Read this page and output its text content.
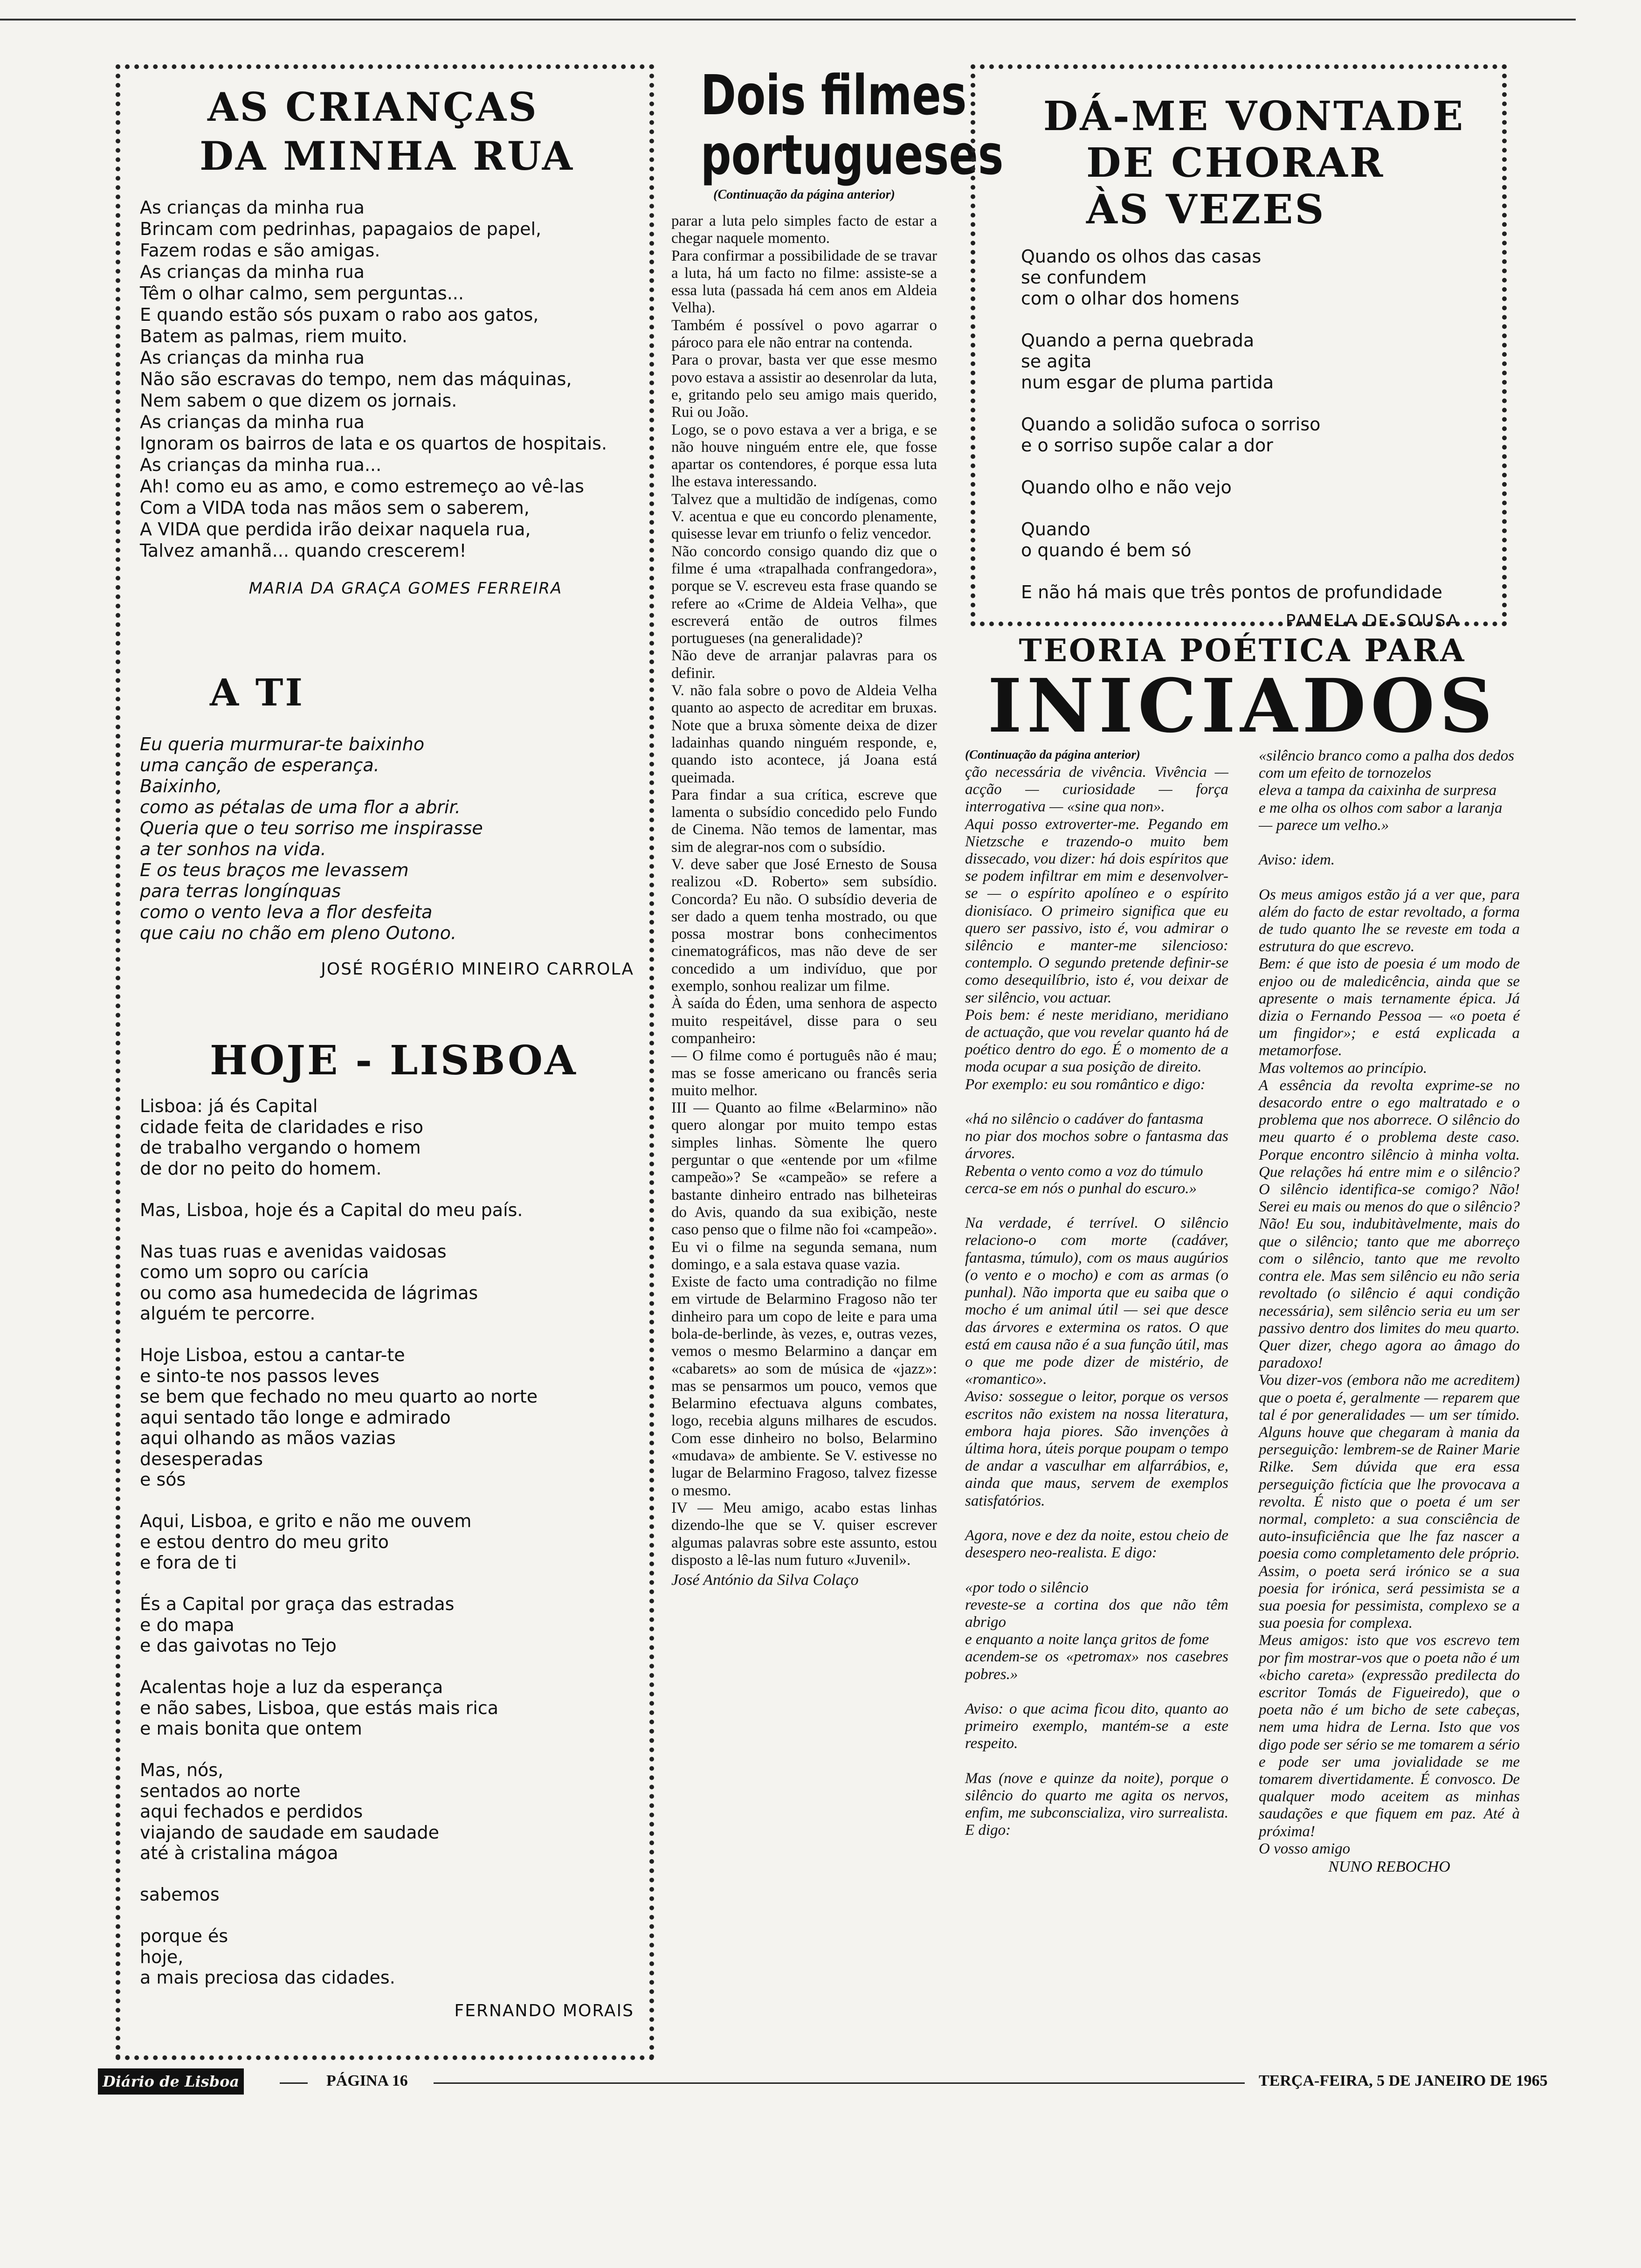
AS CRIANÇAS
DA MINHA RUA

As crianças da minha rua
Brincam com pedrinhas, papagaios de papel,
Fazem rodas e são amigas.
As crianças da minha rua
Têm o olhar calmo, sem perguntas...
E quando estão sós puxam o rabo aos gatos,
Batem as palmas, riem muito.
As crianças da minha rua
Não são escravas do tempo, nem das máquinas,
Nem sabem o que dizem os jornais.
As crianças da minha rua
Ignoram os bairros de lata e os quartos de hospitais.
As crianças da minha rua...
Ah! como eu as amo, e como estremeço ao vê-las
Com a VIDA toda nas mãos sem o saberem,
A VIDA que perdida irão deixar naquela rua,
Talvez amanhã... quando crescerem!

MARIA DA GRAÇA GOMES FERREIRA

A TI

Eu queria murmurar-te baixinho
uma canção de esperança.
Baixinho,
como as pétalas de uma flor a abrir.
Queria que o teu sorriso me inspirasse
a ter sonhos na vida.
E os teus braços me levassem
para terras longínquas
como o vento leva a flor desfeita
que caiu no chão em pleno Outono.

JOSÉ ROGÉRIO MINEIRO CARROLA

HOJE - LISBOA

Lisboa: já és Capital
cidade feita de claridades e riso
de trabalho vergando o homem
de dor no peito do homem.

Mas, Lisboa, hoje és a Capital do meu país.

Nas tuas ruas e avenidas vaidosas
como um sopro ou carícia
ou como asa humedecida de lágrimas
alguém te percorre.

Hoje Lisboa, estou a cantar-te
e sinto-te nos passos leves
se bem que fechado no meu quarto ao norte
aqui sentado tão longe e admirado
aqui olhando as mãos vazias
desesperadas
e sós

Aqui, Lisboa, e grito e não me ouvem
e estou dentro do meu grito
e fora de ti

És a Capital por graça das estradas
e do mapa
e das gaivotas no Tejo

Acalentas hoje a luz da esperança
e não sabes, Lisboa, que estás mais rica
e mais bonita que ontem

Mas, nós,
sentados ao norte
aqui fechados e perdidos
viajando de saudade em saudade
até à cristalina mágoa

sabemos

porque és
hoje,
a mais preciosa das cidades.

FERNANDO MORAIS

Dois filmes
portugueses

(Continuação da página anterior)

parar a luta pelo simples facto de estar a chegar naquele momento.
Para confirmar a possibilidade de se travar a luta, há um facto no filme: assiste-se a essa luta (passada há cem anos em Aldeia Velha).
Também é possível o povo agarrar o pároco para ele não entrar na contenda.
Para o provar, basta ver que esse mesmo povo estava a assistir ao desenrolar da luta, e, gritando pelo seu amigo mais querido, Rui ou João.
Logo, se o povo estava a ver a briga, e se não houve ninguém entre ele, que fosse apartar os contendores, é porque essa luta lhe estava interessando.
Talvez que a multidão de indígenas, como V. acentua e que eu concordo plenamente, quisesse levar em triunfo o feliz vencedor.
Não concordo consigo quando diz que o filme é uma «trapalhada confrangedora», porque se V. escreveu esta frase quando se refere ao «Crime de Aldeia Velha», que escreverá então de outros filmes portugueses (na generalidade)?
Não deve de arranjar palavras para os definir.
V. não fala sobre o povo de Aldeia Velha quanto ao aspecto de acreditar em bruxas. Note que a bruxa sòmente deixa de dizer ladainhas quando ninguém responde, e, quando isto acontece, já Joana está queimada.
Para findar a sua crítica, escreve que lamenta o subsídio concedido pelo Fundo de Cinema. Não temos de lamentar, mas sim de alegrar-nos com o subsídio.
V. deve saber que José Ernesto de Sousa realizou «D. Roberto» sem subsídio. Concorda? Eu não. O subsídio deveria de ser dado a quem tenha mostrado, ou que possa mostrar bons conhecimentos cinematográficos, mas não deve de ser concedido a um indivíduo, que por exemplo, sonhou realizar um filme.
À saída do Éden, uma senhora de aspecto muito respeitável, disse para o seu companheiro:
— O filme como é português não é mau; mas se fosse americano ou francês seria muito melhor.
III — Quanto ao filme «Belarmino» não quero alongar por muito tempo estas simples linhas. Sòmente lhe quero perguntar o que «entende por um «filme campeão»? Se «campeão» se refere a bastante dinheiro entrado nas bilheteiras do Avis, quando da sua exibição, neste caso penso que o filme não foi «campeão». Eu vi o filme na segunda semana, num domingo, e a sala estava quase vazia.
Existe de facto uma contradição no filme em virtude de Belarmino Fragoso não ter dinheiro para um copo de leite e para uma bola-de-berlinde, às vezes, e, outras vezes, vemos o mesmo Belarmino a dançar em «cabarets» ao som de música de «jazz»: mas se pensarmos um pouco, vemos que Belarmino efectuava alguns combates, logo, recebia alguns milhares de escudos. Com esse dinheiro no bolso, Belarmino «mudava» de ambiente. Se V. estivesse no lugar de Belarmino Fragoso, talvez fizesse o mesmo.
IV — Meu amigo, acabo estas linhas dizendo-lhe que se V. quiser escrever algumas palavras sobre este assunto, estou disposto a lê-las num futuro «Juvenil».

José António da Silva Colaço

DÁ-ME VONTADE
DE CHORAR
ÀS VEZES

Quando os olhos das casas
se confundem
com o olhar dos homens

Quando a perna quebrada
se agita
num esgar de pluma partida

Quando a solidão sufoca o sorriso
e o sorriso supõe calar a dor

Quando olho e não vejo

Quando
o quando é bem só

E não há mais que três pontos de profundidade

PAMELA DE SOUSA

TEORIA POÉTICA PARA
INICIADOS

(Continuação da página anterior)

ção necessária de vivência. Vivência — acção — curiosidade — força interrogativa — «sine qua non».
Aqui posso extroverter-me. Pegando em Nietzsche e trazendo-o muito bem dissecado, vou dizer: há dois espíritos que se podem infiltrar em mim e desenvolver-se — o espírito apolíneo e o espírito dionisíaco. O primeiro significa que eu quero ser passivo, isto é, vou admirar o silêncio e manter-me silencioso: contemplo. O segundo pretende definir-se como desequilíbrio, isto é, vou deixar de ser silêncio, vou actuar.
Pois bem: é neste meridiano, meridiano de actuação, que vou revelar quanto há de poético dentro do ego. É o momento de a moda ocupar a sua posição de direito.
Por exemplo: eu sou romântico e digo:

«há no silêncio o cadáver do fantasma
no piar dos mochos sobre o fantasma das árvores.
Rebenta o vento como a voz do túmulo
cerca-se em nós o punhal do escuro.»

Na verdade, é terrível. O silêncio relaciono-o com morte (cadáver, fantasma, túmulo), com os maus augúrios (o vento e o mocho) e com as armas (o punhal). Não importa que eu saiba que o mocho é um animal útil — sei que desce das árvores e extermina os ratos. O que está em causa não é a sua função útil, mas o que me pode dizer de mistério, de «romantico».
Aviso: sossegue o leitor, porque os versos escritos não existem na nossa literatura, embora haja piores. São invenções à última hora, úteis porque poupam o tempo de andar a vasculhar em alfarrábios, e, ainda que maus, servem de exemplos satisfatórios.

Agora, nove e dez da noite, estou cheio de desespero neo-realista. E digo:

«por todo o silêncio
reveste-se a cortina dos que não têm abrigo
e enquanto a noite lança gritos de fome
acendem-se os «petromax» nos casebres pobres.»

Aviso: o que acima ficou dito, quanto ao primeiro exemplo, mantém-se a este respeito.

Mas (nove e quinze da noite), porque o silêncio do quarto me agita os nervos, enfim, me subconscializa, viro surrealista. E digo:

«silêncio branco como a palha dos dedos
com um efeito de tornozelos
eleva a tampa da caixinha de surpresa
e me olha os olhos com sabor a laranja
— parece um velho.»

Aviso: idem.

Os meus amigos estão já a ver que, para além do facto de estar revoltado, a forma de tudo quanto lhe se reveste em toda a estrutura do que escrevo.
Bem: é que isto de poesia é um modo de enjoo ou de maledicência, ainda que se apresente o mais ternamente épica. Já dizia o Fernando Pessoa — «o poeta é um fingidor»; e está explicada a metamorfose.
Mas voltemos ao princípio.
A essência da revolta exprime-se no desacordo entre o ego maltratado e o problema que nos aborrece. O silêncio do meu quarto é o problema deste caso. Porque encontro silêncio à minha volta. Que relações há entre mim e o silêncio? O silêncio identifica-se comigo? Não! Serei eu mais ou menos do que o silêncio? Não! Eu sou, indubitàvelmente, mais do que o silêncio; tanto que me aborreço com o silêncio, tanto que me revolto contra ele. Mas sem silêncio eu não seria revoltado (o silêncio é aqui condição necessária), sem silêncio seria eu um ser passivo dentro dos limites do meu quarto. Quer dizer, chego agora ao âmago do paradoxo!
Vou dizer-vos (embora não me acreditem) que o poeta é, geralmente — reparem que tal é por generalidades — um ser tímido. Alguns houve que chegaram à mania da perseguição: lembrem-se de Rainer Marie Rilke. Sem dúvida que era essa perseguição fictícia que lhe provocava a revolta. É nisto que o poeta é um ser normal, completo: a sua consciência de auto-insuficiência que lhe faz nascer a poesia como completamento dele próprio. Assim, o poeta será irónico se a sua poesia for irónica, será pessimista se a sua poesia for pessimista, complexo se a sua poesia for complexa.
Meus amigos: isto que vos escrevo tem por fim mostrar-vos que o poeta não é um «bicho careta» (expressão predilecta do escritor Tomás de Figueiredo), que o poeta não é um bicho de sete cabeças, nem uma hidra de Lerna. Isto que vos digo pode ser sério se me tomarem a sério e pode ser uma jovialidade se me tomarem divertidamente. É convosco. De qualquer modo aceitem as minhas saudações e que fiquem em paz. Até à próxima!
O vosso amigo

NUNO REBOCHO

Diário de Lisboa	PÁGINA 16	TERÇA-FEIRA, 5 DE JANEIRO DE 1965
